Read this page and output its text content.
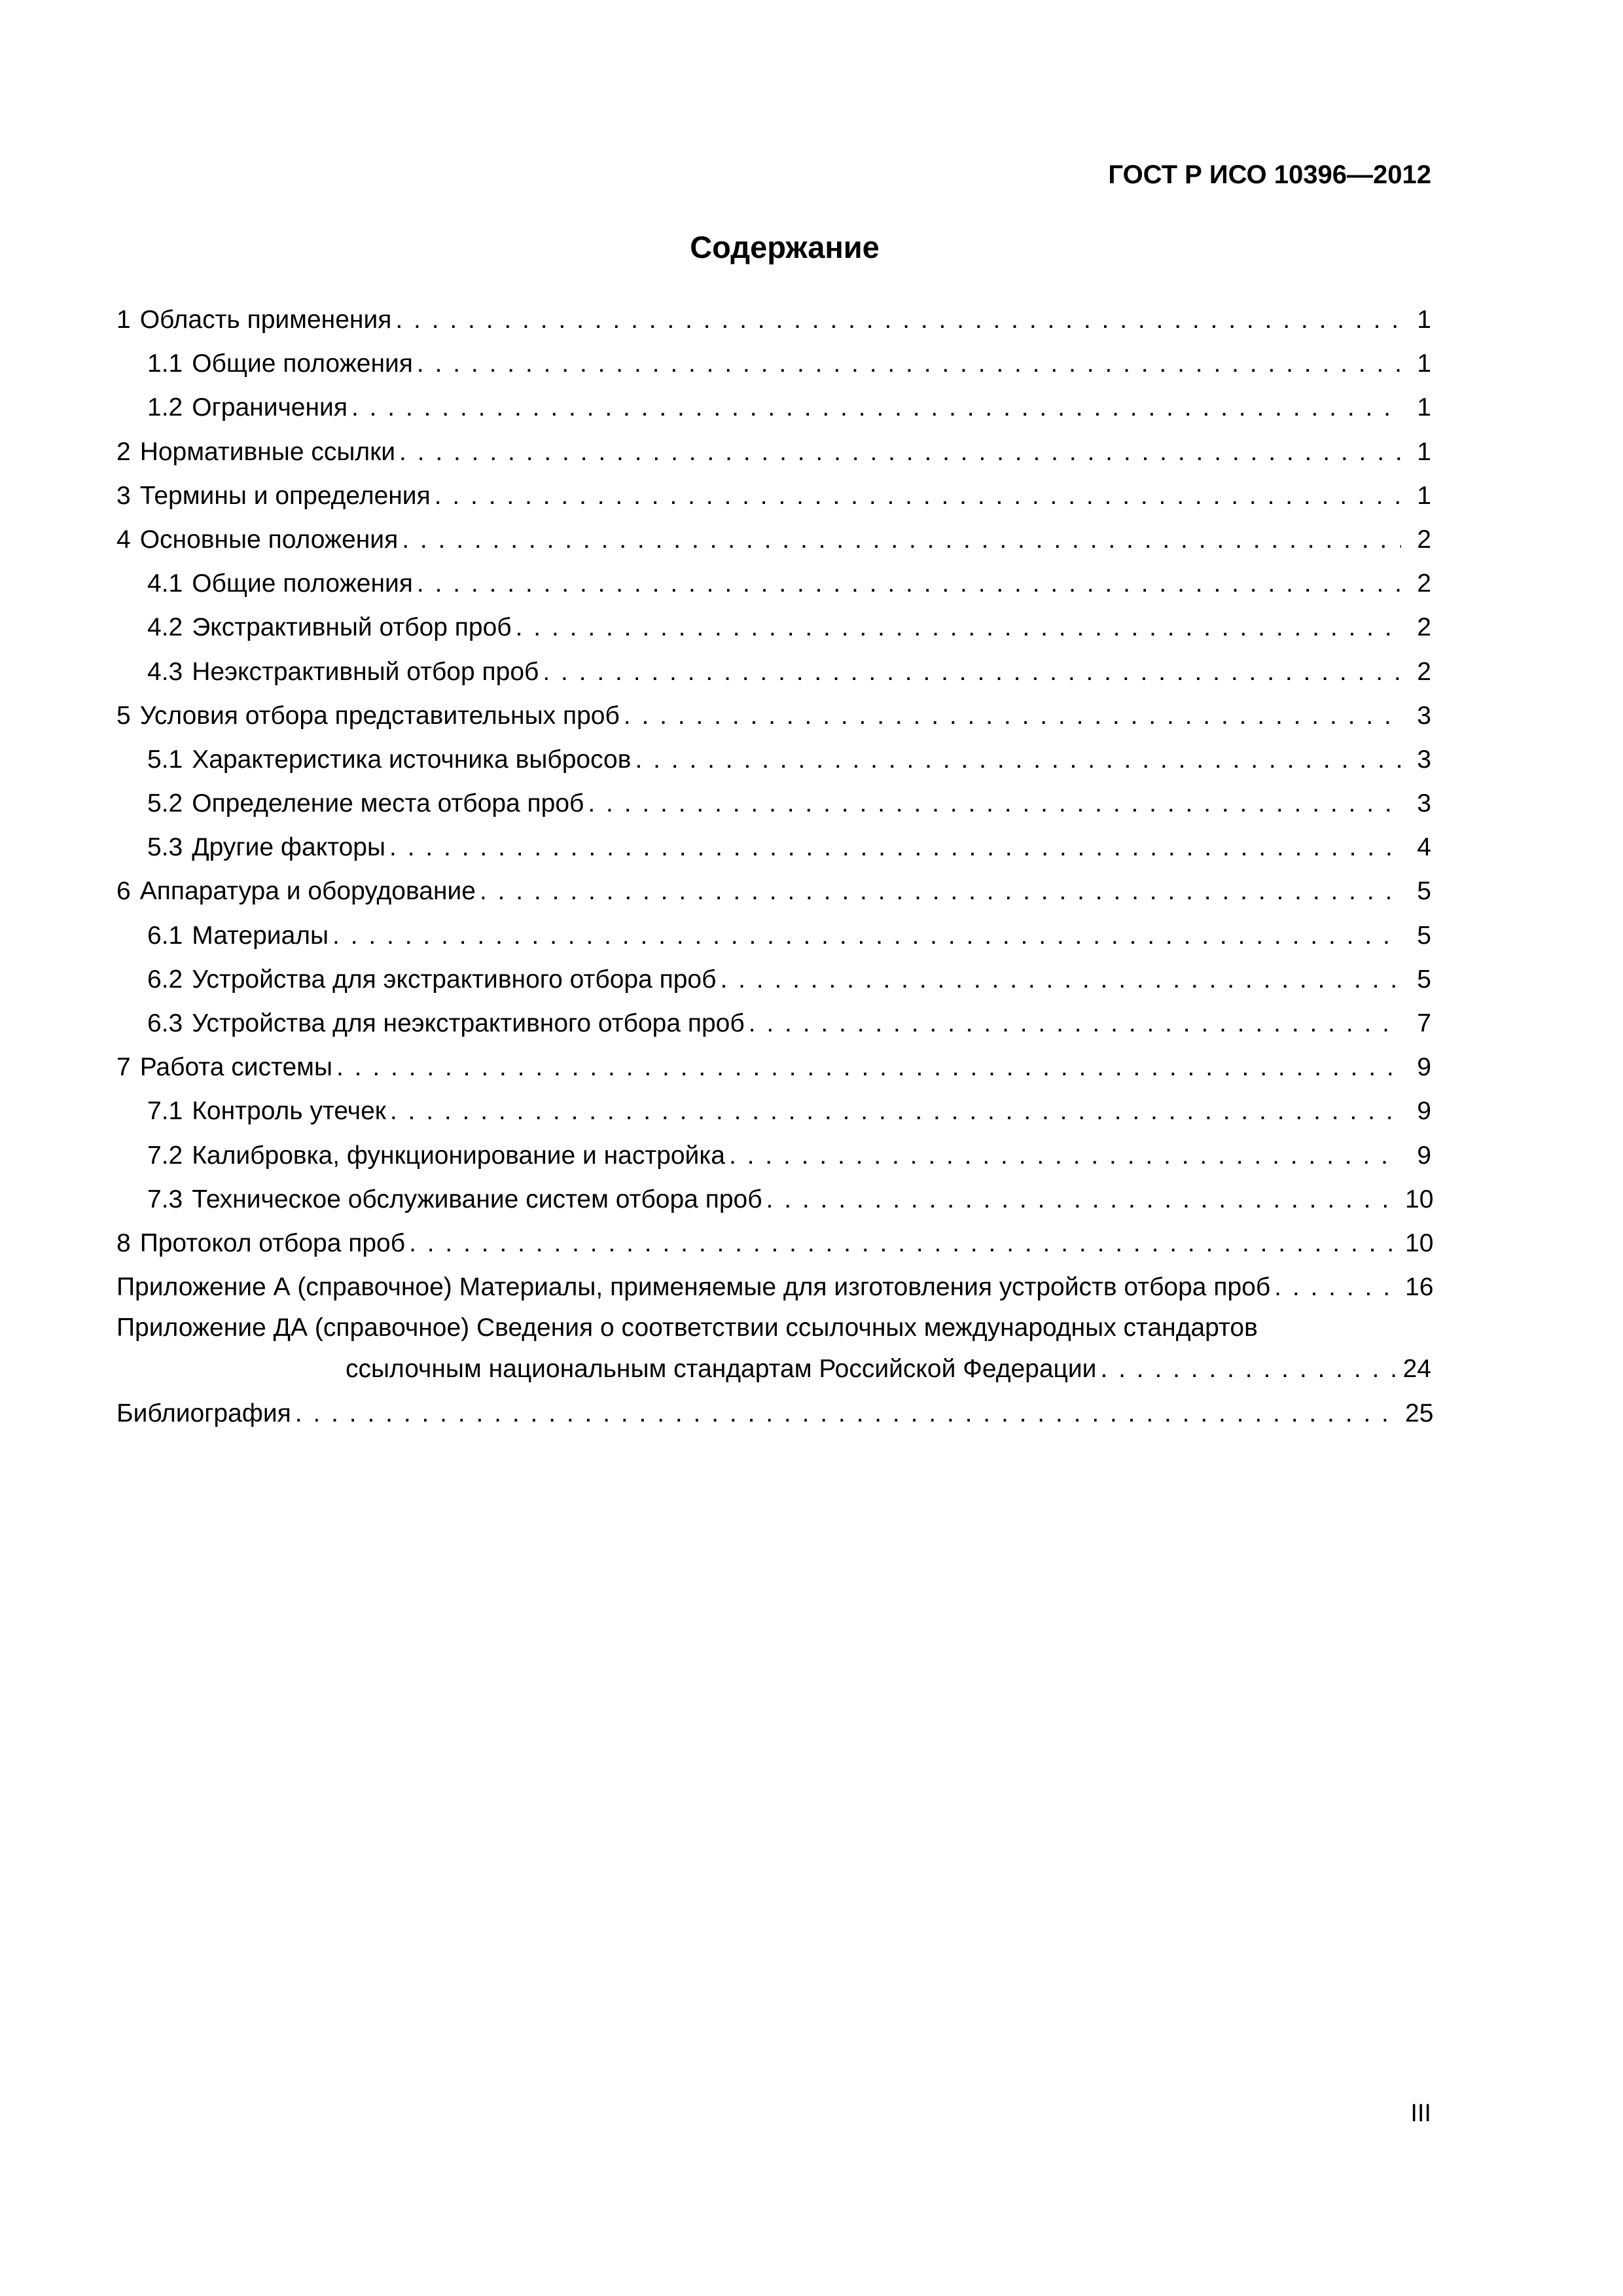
ГОСТ Р ИСО 10396—2012
Содержание
1 Область применения . . .	1
1.1 Общие положения . . .	1
1.2 Ограничения . . .	1
2 Нормативные ссылки . . .	1
3 Термины и определения . . .	1
4 Основные положения . . .	2
4.1 Общие положения . . .	2
4.2 Экстрактивный отбор проб . . .	2
4.3 Неэкстрактивный отбор проб . . .	2
5 Условия отбора представительных проб . . .	3
5.1 Характеристика источника выбросов . . .	3
5.2 Определение места отбора проб . . .	3
5.3 Другие факторы . . .	4
6 Аппаратура и оборудование . . .	5
6.1 Материалы . . .	5
6.2 Устройства для экстрактивного отбора проб . . .	5
6.3 Устройства для неэкстрактивного отбора проб . . .	7
7 Работа системы . . .	9
7.1 Контроль утечек . . .	9
7.2 Калибровка, функционирование и настройка . . .	9
7.3 Техническое обслуживание систем отбора проб . . .	10
8 Протокол отбора проб . . .	10
Приложение А (справочное) Материалы, применяемые для изготовления устройств отбора проб . . .	16
Приложение ДА (справочное) Сведения о соответствии ссылочных международных стандартов
ссылочным национальным стандартам Российской Федерации . . .	24
Библиография . . .	25
III
